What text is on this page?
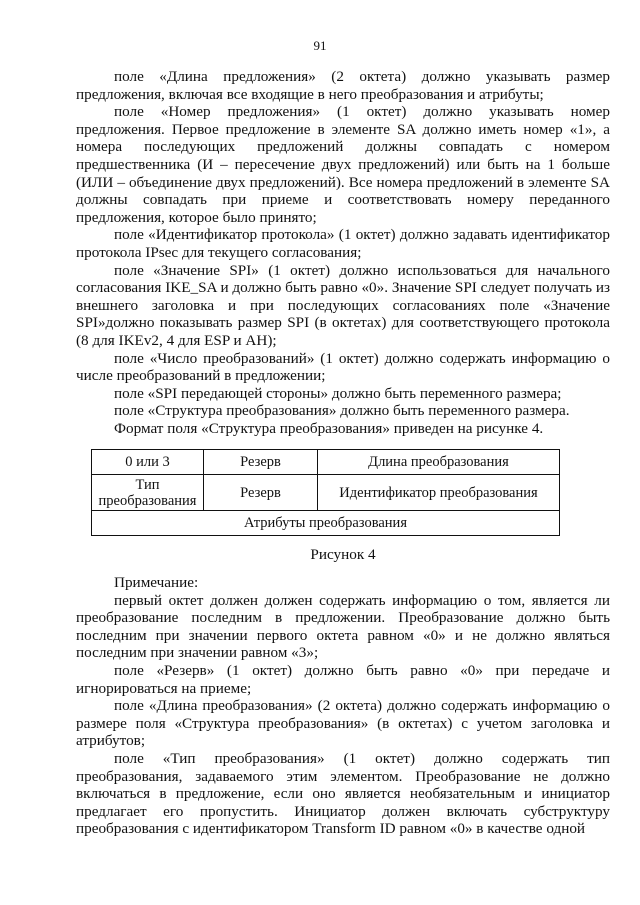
91

поле «Длина предложения» (2 октета) должно указывать размер предложения, включая все входящие в него преобразования и атрибуты;

поле «Номер предложения» (1 октет) должно указывать номер предложения. Первое предложение в элементе SA должно иметь номер «1», а номера последующих предложений должны совпадать с номером предшественника (И – пересечение двух предложений) или быть на 1 больше (ИЛИ – объединение двух предложений). Все номера предложений в элементе SA должны совпадать при приеме и соответствовать номеру переданного предложения, которое было принято;

поле «Идентификатор протокола» (1 октет) должно задавать идентификатор протокола IPsec для текущего согласования;

поле «Значение SPI» (1 октет) должно использоваться для начального согласования IKE_SA и должно быть равно «0». Значение SPI следует получать из внешнего заголовка и при последующих согласованиях поле «Значение SPI»должно показывать размер SPI (в октетах) для соответствующего протокола (8 для IKEv2, 4 для ESP и AH);

поле «Число преобразований» (1 октет) должно содержать информацию о числе преобразований в предложении;

поле «SPI передающей стороны» должно быть переменного размера;

поле «Структура преобразования» должно быть переменного размера.

Формат поля «Структура преобразования» приведен на рисунке 4.

0 или 3	Резерв	Длина преобразования
Тип преобразования	Резерв	Идентификатор преобразования
Атрибуты преобразования		
Рисунок 4

Примечание:

первый октет должен должен содержать информацию о том, является ли преобразование последним в предложении. Преобразование должно быть последним при значении первого октета равном «0» и не должно являться последним при значении равном «3»;

поле «Резерв» (1 октет) должно быть равно «0» при передаче и игнорироваться на приеме;

поле «Длина преобразования» (2 октета) должно содержать информацию о размере поля «Структура преобразования» (в октетах) с учетом заголовка и атрибутов;

поле «Тип преобразования» (1 октет) должно содержать тип преобразования, задаваемого этим элементом. Преобразование не должно включаться в предложение, если оно является необязательным и инициатор предлагает его пропустить. Инициатор должен включать субструктуру преобразования с идентификатором Transform ID равном «0» в качестве одной
